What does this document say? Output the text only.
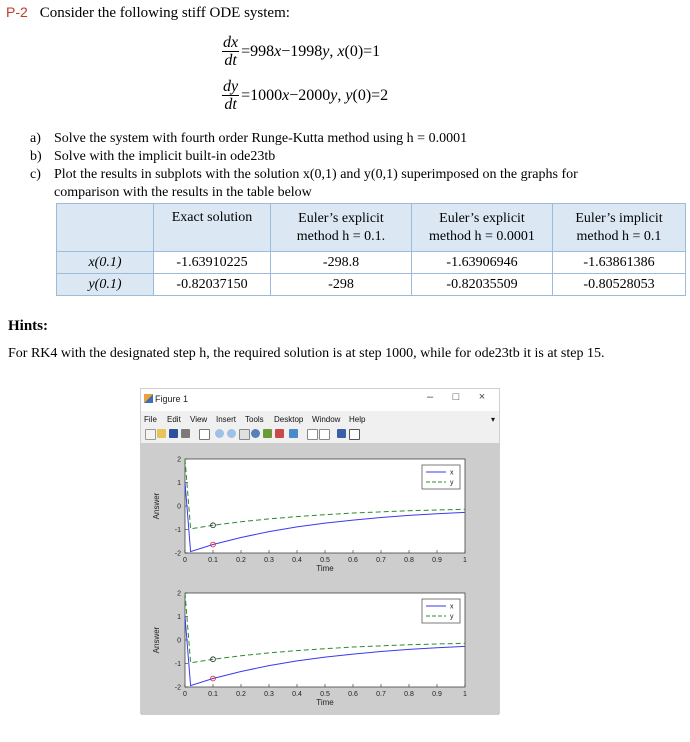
P-2 Consider the following stiff ODE system:
$\frac{dx}{dt} =998x-1998y$, x(0)=1
$\frac{dy}{dt} =1000x-2000y$, y(0)=2
a) Solve the system with fourth order Runge-Kutta method using h = 0.0001
b) Solve with the implicit built-in ode23tb
c) Plot the results in subplots with the solution x(0,1) and y(0,1) superimposed on the graphs for comparison with the results in the table below
	Exact solution	Euler’s explicit method h = 0.1.	Euler’s explicit method h = 0.0001	Euler’s implicit method h = 0.1
x(0.1)	-1.63910225	-298.8	-1.63906946	-1.63861386
y(0.1)	-0.82037150	-298	-0.82035509	-0.80528053
Hints:
For RK4 with the designated step h, the required solution is at step 1000, while for ode23tb it is at step 15.
Figure 1	–	□	×
File Edit View Insert Tools Desktop Window Help	▾
0	0.1	0.2	0.3	0.4	0.5	0.6	0.7	0.8	0.9	1
2
1
0
-1
-2
Time
Answer
x
y
0	0.1	0.2	0.3	0.4	0.5	0.6	0.7	0.8	0.9	1
2
1
0
-1
-2
Time
Answer
x
y
